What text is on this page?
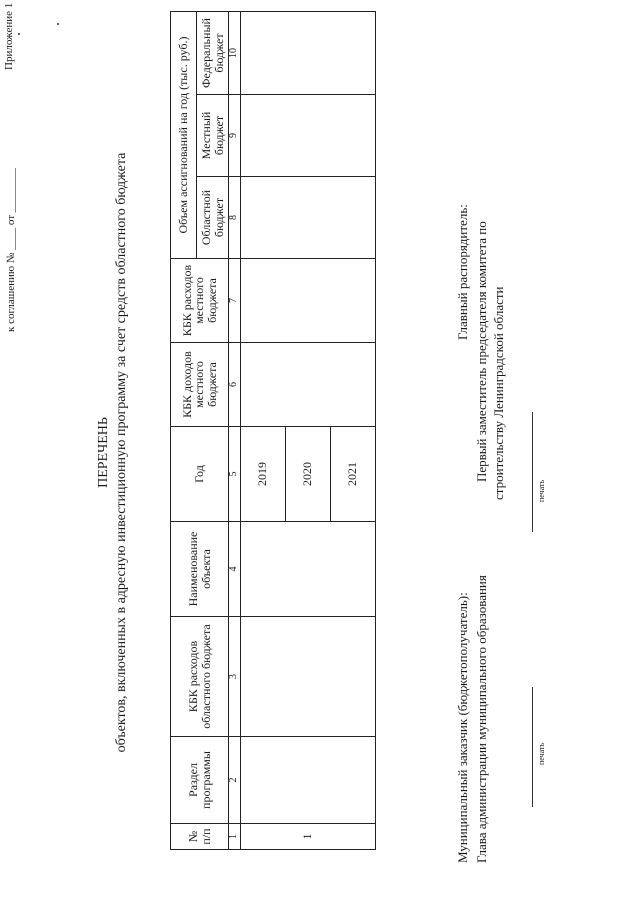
Приложение 1
к соглашению № ____ от ________
ПЕРЕЧЕНЬ объектов, включенных в адресную инвестиционную программу за счет средств областного бюджета
№ п/п	Раздел программы	КБК расходов областного бюджета	Наименование объекта	Год	КБК доходов местного бюджета	КБК расходов местного бюджета	Объем ассигнований на год (тыс. руб.)		
							Областной бюджет	Местный бюджет	Федеральный бюджет
1	2	3	4	5	6	7	8	9	10
1				2019					
				2020					
				2021					
Муниципальный заказчик (бюджетополучатель): Глава администрации муниципального образования	печать
Главный распорядитель: Первый заместитель председателя комитета по строительству Ленинградской области	печать
